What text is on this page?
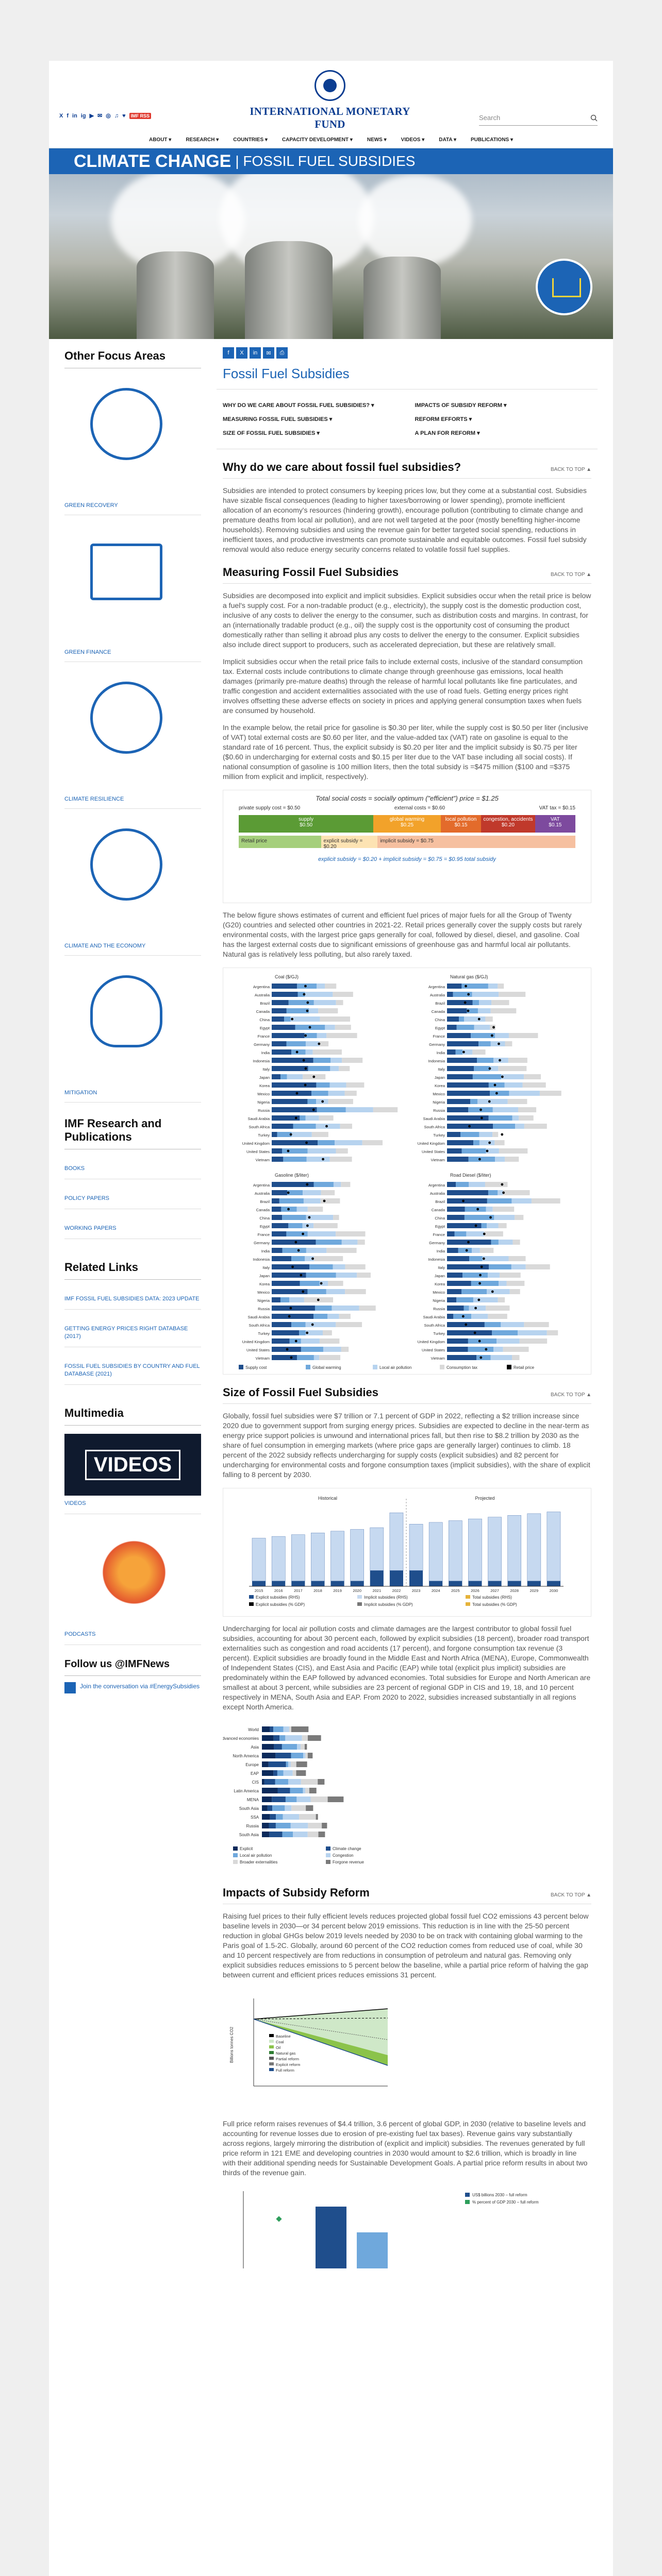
X f in ig ▶ ✉ ◎ ♫ ♥	IMF RSS	INTERNATIONAL MONETARY FUND
Search
ABOUT ▾	RESEARCH ▾	COUNTRIES ▾	CAPACITY DEVELOPMENT ▾	NEWS ▾	VIDEOS ▾	DATA ▾	PUBLICATIONS ▾
CLIMATE CHANGE | FOSSIL FUEL SUBSIDIES
Other Focus Areas
GREEN RECOVERY
GREEN FINANCE
CLIMATE RESILIENCE
CLIMATE AND THE ECONOMY
MITIGATION
IMF Research and Publications
BOOKS
POLICY PAPERS
WORKING PAPERS
Related Links
IMF FOSSIL FUEL SUBSIDIES DATA: 2023 UPDATE
GETTING ENERGY PRICES RIGHT DATABASE (2017)
FOSSIL FUEL SUBSIDIES BY COUNTRY AND FUEL DATABASE (2021)
Multimedia
VIDEOS
VIDEOS
PODCASTS
Follow us @IMFNews
Join the conversation via #EnergySubsidies
f	X	in	✉	⎙
Fossil Fuel Subsidies
WHY DO WE CARE ABOUT FOSSIL FUEL SUBSIDIES? ▾	IMPACTS OF SUBSIDY REFORM ▾
MEASURING FOSSIL FUEL SUBSIDIES ▾	REFORM EFFORTS ▾
SIZE OF FOSSIL FUEL SUBSIDIES ▾	A PLAN FOR REFORM ▾
Why do we care about fossil fuel subsidies?	BACK TO TOP ▲

Subsidies are intended to protect consumers by keeping prices low, but they come at a substantial cost. Subsidies have sizable fiscal consequences (leading to higher taxes/borrowing or lower spending), promote inefficient allocation of an economy's resources (hindering growth), encourage pollution (contributing to climate change and premature deaths from local air pollution), and are not well targeted at the poor (mostly benefiting higher-income households). Removing subsidies and using the revenue gain for better targeted social spending, reductions in inefficient taxes, and productive investments can promote sustainable and equitable outcomes. Fossil fuel subsidy removal would also reduce energy security concerns related to volatile fossil fuel supplies.

Measuring Fossil Fuel Subsidies	BACK TO TOP ▲

Subsidies are decomposed into explicit and implicit subsidies. Explicit subsidies occur when the retail price is below a fuel's supply cost. For a non-tradable product (e.g., electricity), the supply cost is the domestic production cost, inclusive of any costs to deliver the energy to the consumer, such as distribution costs and margins. In contrast, for an (internationally tradable product (e.g., oil) the supply cost is the opportunity cost of consuming the product domestically rather than selling it abroad plus any costs to deliver the energy to the consumer. Explicit subsidies also include direct support to producers, such as accelerated depreciation, but these are relatively small.

Implicit subsidies occur when the retail price fails to include external costs, inclusive of the standard consumption tax. External costs include contributions to climate change through greenhouse gas emissions, local health damages (primarily pre-mature deaths) through the release of harmful local pollutants like fine particulates, and traffic congestion and accident externalities associated with the use of road fuels. Getting energy prices right involves offsetting these adverse effects on society in prices and applying general consumption taxes when fuels are consumed by household.

In the example below, the retail price for gasoline is $0.30 per liter, while the supply cost is $0.50 per liter (inclusive of VAT) total external costs are $0.60 per liter, and the value-added tax (VAT) rate on gasoline is equal to the standard rate of 16 percent. Thus, the explicit subsidy is $0.20 per liter and the implicit subsidy is $0.75 per liter ($0.60 in undercharging for external costs and $0.15 per liter due to the VAT base including all social costs). If national consumption of gasoline is 100 million liters, then the total subsidy is =$475 million ($100 and =$375 million from explicit and implicit, respectively).

Total social costs = socially optimum ("efficient") price = $1.25
private supply cost = $0.50	external costs = $0.60	VAT tax = $0.15
supply
$0.50
global warming
$0.25
local pollution
$0.15
congestion, accidents
$0.20
VAT
$0.15
Retail price	explicit subsidy = $0.20
implicit subsidy = $0.75
explicit subsidy = $0.20 + implicit subsidy = $0.75 = $0.95 total subsidy

The below figure shows estimates of current and efficient fuel prices of major fuels for all the Group of Twenty (G20) countries and selected other countries in 2021-22. Retail prices generally cover the supply costs but rarely environmental costs, with the largest price gaps generally for coal, followed by diesel, diesel, and gasoline. Coal has the largest external costs due to significant emissions of greenhouse gas and harmful local air pollutants. Natural gas is relatively less polluting, but also rarely taxed.

Coal ($/GJ)
Argentina
Australia
Brazil
Canada
China
Egypt
France
Germany
India
Indonesia
Italy
Japan
Korea
Mexico
Nigeria
Russia
Saudi Arabia
South Africa
Turkey
United Kingdom
United States
Vietnam
Natural gas ($/GJ)
Argentina
Australia
Brazil
Canada
China
Egypt
France
Germany
India
Indonesia
Italy
Japan
Korea
Mexico
Nigeria
Russia
Saudi Arabia
South Africa
Turkey
United Kingdom
United States
Vietnam
Gasoline ($/liter)
Argentina
Australia
Brazil
Canada
China
Egypt
France
Germany
India
Indonesia
Italy
Japan
Korea
Mexico
Nigeria
Russia
Saudi Arabia
South Africa
Turkey
United Kingdom
United States
Vietnam
Road Diesel ($/liter)
Argentina
Australia
Brazil
Canada
China
Egypt
France
Germany
India
Indonesia
Italy
Japan
Korea
Mexico
Nigeria
Russia
Saudi Arabia
South Africa
Turkey
United Kingdom
United States
Vietnam
Supply cost	Global warming	Local air pollution	Consumption tax	Retail price
Size of Fossil Fuel Subsidies	BACK TO TOP ▲

Globally, fossil fuel subsidies were $7 trillion or 7.1 percent of GDP in 2022, reflecting a $2 trillion increase since 2020 due to government support from surging energy prices. Subsidies are expected to decline in the near-term as energy price support policies is unwound and international prices fall, but then rise to $8.2 trillion by 2030 as the share of fuel consumption in emerging markets (where price gaps are generally larger) continues to climb. 18 percent of the 2022 subsidy reflects undercharging for supply costs (explicit subsidies) and 82 percent for undercharging for environmental costs and forgone consumption taxes (implicit subsidies), with the share of explicit falling to 8 percent by 2030.

Historical	Projected
2015	2016	2017	2018	2019	2020	2021	2022	2023	2024	2025	2026	2027	2028	2029	2030
Explicit subsidies (RHS)	Implicit subsidies (RHS)	Total subsidies (RHS)
Explicit subsidies (% GDP)	Implicit subsidies (% GDP)	Total subsidies (% GDP)

Undercharging for local air pollution costs and climate damages are the largest contributor to global fossil fuel subsidies, accounting for about 30 percent each, followed by explicit subsidies (18 percent), broader road transport externalities such as congestion and road accidents (17 percent), and forgone consumption tax revenue (3 percent). Explicit subsidies are broadly found in the Middle East and North Africa (MENA), Europe, Commonwealth of Independent States (CIS), and East Asia and Pacific (EAP) while total (explicit plus implicit) subsidies are predominately within the EAP followed by advanced economies. Total subsidies for Europe and North American are smallest at about 3 percent, while subsidies are 23 percent of regional GDP in CIS and 19, 18, and 10 percent respectively in MENA, South Asia and EAP. From 2020 to 2022, subsidies increased substantially in all regions except North America.

World
Advanced economies
Asia
North America
Europe
EAP
CIS
Latin America
MENA
South Asia
SSA
Russia
South Asia
Explicit	Climate change
Local air pollution	Congestion
Broader externalities	Forgone revenue
Impacts of Subsidy Reform	BACK TO TOP ▲

Raising fuel prices to their fully efficient levels reduces projected global fossil fuel CO2 emissions 43 percent below baseline levels in 2030—or 34 percent below 2019 emissions. This reduction is in line with the 25-50 percent reduction in global GHGs below 2019 levels needed by 2030 to be on track with containing global warming to the Paris goal of 1.5-2C. Globally, around 60 percent of the CO2 reduction comes from reduced use of coal, while 30 and 10 percent respectively are from reductions in consumption of petroleum and natural gas. Removing only explicit subsidies reduces emissions to 5 percent below the baseline, while a partial price reform of halving the gap between current and efficient prices reduces emissions 31 percent.

Billions tonnes CO2	Baseline
Coal
Oil
Natural gas
Partial reform
Explicit reform
Full reform

Full price reform raises revenues of $4.4 trillion, 3.6 percent of global GDP, in 2030 (relative to baseline levels and accounting for revenue losses due to erosion of pre-existing fuel tax bases). Revenue gains vary substantially across regions, largely mirroring the distribution of (explicit and implicit) subsidies. The revenues generated by full price reform in 121 EME and developing countries in 2030 would amount to $2.6 trillion, which is broadly in line with their additional spending needs for Sustainable Development Goals. A partial price reform results in about two thirds of the revenue gain.

US$ billions 2030 – full reform
% percent of GDP 2030 – full reform
